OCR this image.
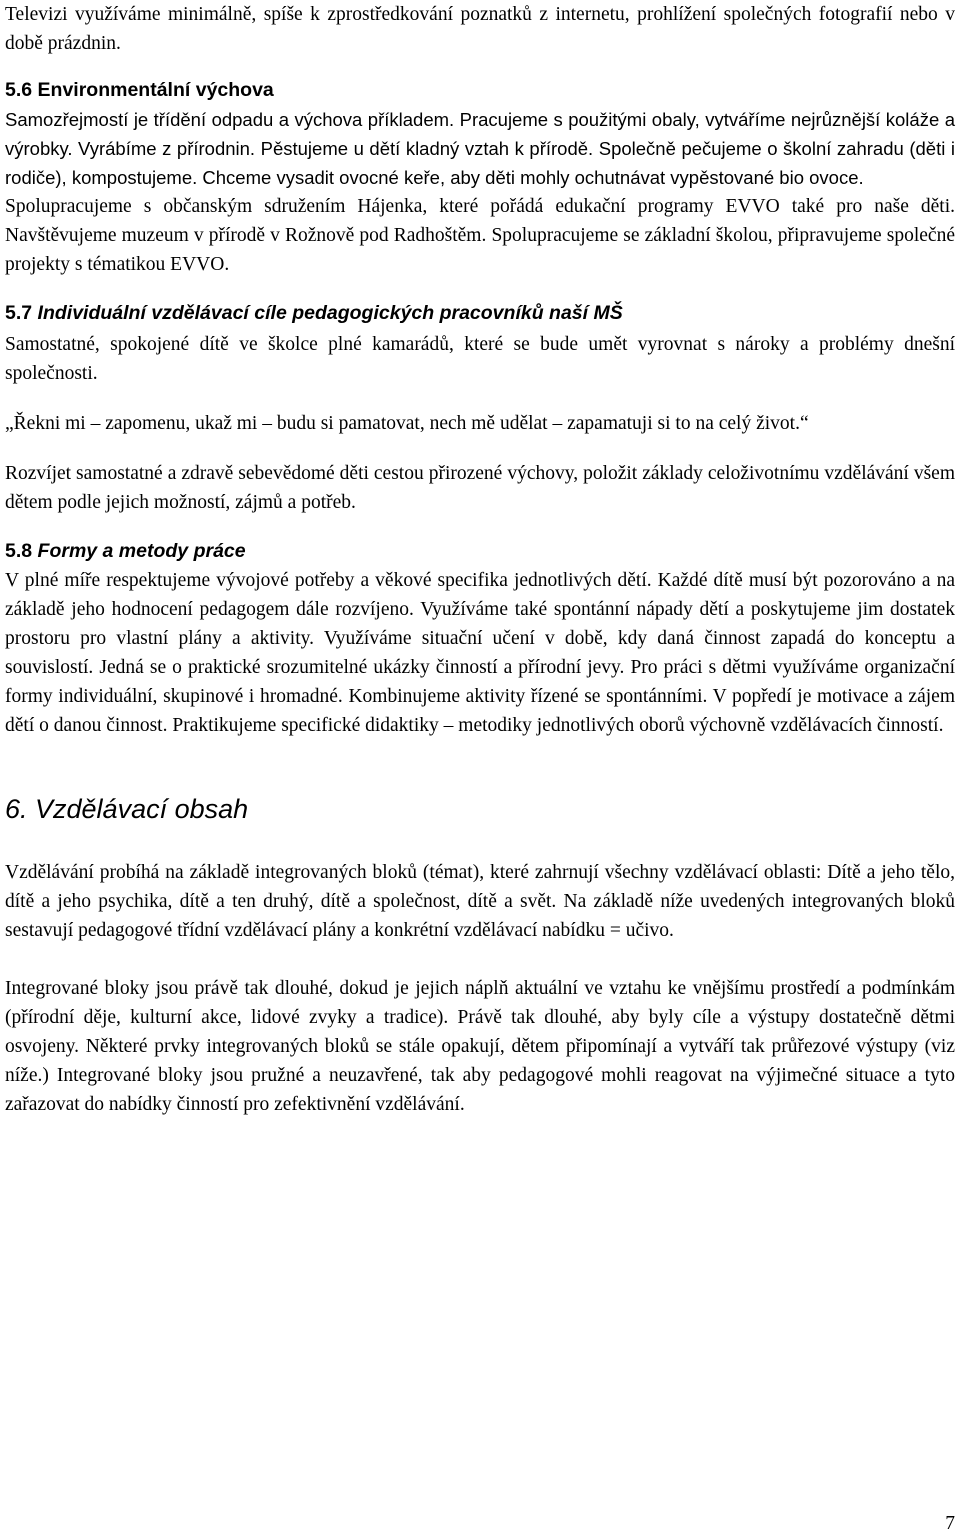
Televizi využíváme minimálně, spíše k zprostředkování poznatků z internetu, prohlížení společných fotografií nebo v době prázdnin.

5.6 Environmentální výchova

Samozřejmostí je třídění odpadu a výchova příkladem. Pracujeme s použitými obaly, vytváříme nejrůznější koláže a výrobky. Vyrábíme z přírodnin. Pěstujeme u dětí kladný vztah k přírodě. Společně pečujeme o školní zahradu (děti i rodiče), kompostujeme. Chceme vysadit ovocné keře, aby děti mohly ochutnávat vypěstované bio ovoce.

Spolupracujeme s občanským sdružením Hájenka, které pořádá edukační programy EVVO také pro naše děti. Navštěvujeme muzeum v přírodě v Rožnově pod Radhoštěm. Spolupracujeme se základní školou, připravujeme společné projekty s tématikou EVVO.

5.7 Individuální vzdělávací cíle pedagogických pracovníků naší MŠ

Samostatné, spokojené dítě ve školce plné kamarádů, které se bude umět vyrovnat s nároky a problémy dnešní společnosti.

„Řekni mi – zapomenu, ukaž mi – budu si pamatovat, nech mě udělat – zapamatuji si to na celý život.“

Rozvíjet samostatné a zdravě sebevědomé děti cestou přirozené výchovy, položit základy celoživotnímu vzdělávání všem dětem podle jejich možností, zájmů a potřeb.

5.8 Formy a metody práce

V plné míře respektujeme vývojové potřeby a věkové specifika jednotlivých dětí. Každé dítě musí být pozorováno a na základě jeho hodnocení pedagogem dále rozvíjeno. Využíváme také spontánní nápady dětí a poskytujeme jim dostatek prostoru pro vlastní plány a aktivity. Využíváme situační učení v době, kdy daná činnost zapadá do konceptu a souvislostí. Jedná se o praktické srozumitelné ukázky činností a přírodní jevy. Pro práci s dětmi využíváme organizační formy individuální, skupinové i hromadné. Kombinujeme aktivity řízené se spontánními. V popředí je motivace a zájem dětí o danou činnost. Praktikujeme specifické didaktiky – metodiky jednotlivých oborů výchovně vzdělávacích činností.

6. Vzdělávací obsah

Vzdělávání probíhá na základě integrovaných bloků (témat), které zahrnují všechny vzdělávací oblasti: Dítě a jeho tělo, dítě a jeho psychika, dítě a ten druhý, dítě a společnost, dítě a svět. Na základě níže uvedených integrovaných bloků sestavují pedagogové třídní vzdělávací plány a konkrétní vzdělávací nabídku = učivo.

Integrované bloky jsou právě tak dlouhé, dokud je jejich náplň aktuální ve vztahu ke vnějšímu prostředí a podmínkám (přírodní děje, kulturní akce, lidové zvyky a tradice). Právě tak dlouhé, aby byly cíle a výstupy dostatečně dětmi osvojeny. Některé prvky integrovaných bloků se stále opakují, dětem připomínají a vytváří tak průřezové výstupy (viz níže.) Integrované bloky jsou pružné a neuzavřené, tak aby pedagogové mohli reagovat na výjimečné situace a tyto zařazovat do nabídky činností pro zefektivnění vzdělávání.

7
